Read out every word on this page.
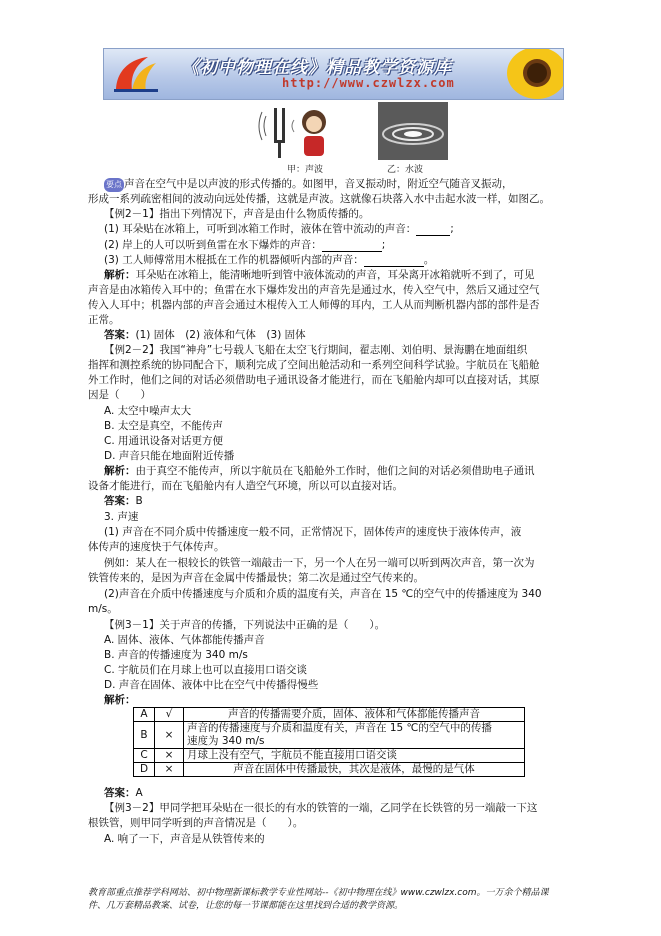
《初中物理在线》精品教学资源库
http://www.czwlzx.com
甲：声波	乙：水波
要点 声音在空气中是以声波的形式传播的。如图甲，音叉振动时，附近空气随音叉振动，
形成一系列疏密相间的波动向远处传播，这就是声波。这就像石块落入水中击起水波一样，如图乙。
【例2－1】指出下列情况下，声音是由什么物质传播的。
(1) 耳朵贴在冰箱上，可听到冰箱工作时，液体在管中流动的声音：	;
(2) 岸上的人可以听到鱼雷在水下爆炸的声音：	;
(3) 工人师傅常用木棍抵在工作的机器倾听内部的声音：	。
解析：耳朵贴在冰箱上，能清晰地听到管中液体流动的声音，耳朵离开冰箱就听不到了，可见
声音是由冰箱传入耳中的；鱼雷在水下爆炸发出的声音先是通过水，传入空气中，然后又通过空气
传入人耳中；机器内部的声音会通过木棍传入工人师傅的耳内，工人从而判断机器内部的部件是否
正常。
答案：(1) 固体　(2) 液体和气体　(3) 固体
【例2－2】我国“神舟”七号载人飞船在太空飞行期间，翟志刚、刘伯明、景海鹏在地面组织
指挥和测控系统的协同配合下，顺利完成了空间出舱活动和一系列空间科学试验。宇航员在飞船舱
外工作时，他们之间的对话必须借助电子通讯设备才能进行，而在飞船舱内却可以直接对话，其原
因是（　　）
A. 太空中噪声太大
B. 太空是真空，不能传声
C. 用通讯设备对话更方便
D. 声音只能在地面附近传播
解析：由于真空不能传声，所以宇航员在飞船舱外工作时，他们之间的对话必须借助电子通讯
设备才能进行，而在飞船舱内有人造空气环境，所以可以直接对话。
答案：B
3. 声速
(1) 声音在不同介质中传播速度一般不同，正常情况下，固体传声的速度快于液体传声，液
体传声的速度快于气体传声。
例如：某人在一根较长的铁管一端敲击一下，另一个人在另一端可以听到两次声音，第一次为
铁管传来的，是因为声音在金属中传播最快；第二次是通过空气传来的。
(2)声音在介质中传播速度与介质和介质的温度有关，声音在 15 ℃的空气中的传播速度为 340
m/s。
【例3－1】关于声音的传播，下列说法中正确的是（　　）。
A. 固体、液体、气体都能传播声音
B. 声音的传播速度为 340 m/s
C. 宇航员们在月球上也可以直接用口语交谈
D. 声音在固体、液体中比在空气中传播得慢些
解析：
A	√	声音的传播需要介质，固体、液体和气体都能传播声音
B	×	声音的传播速度与介质和温度有关，声音在 15 ℃的空气中的传播
速度为 340 m/s

C	×	月球上没有空气，宇航员不能直接用口语交谈
D	×	声音在固体中传播最快，其次是液体，最慢的是气体
答案：A
【例3－2】甲同学把耳朵贴在一很长的有水的铁管的一端，乙同学在长铁管的另一端敲一下这
根铁管，则甲同学听到的声音情况是（　　）。
A. 响了一下，声音是从铁管传来的
教育部重点推荐学科网站、初中物理新课标教学专业性网站--《初中物理在线》www.czwlzx.com。一万余个精品课
件、几万套精品教案、试卷，让您的每一节课都能在这里找到合适的教学资源。
